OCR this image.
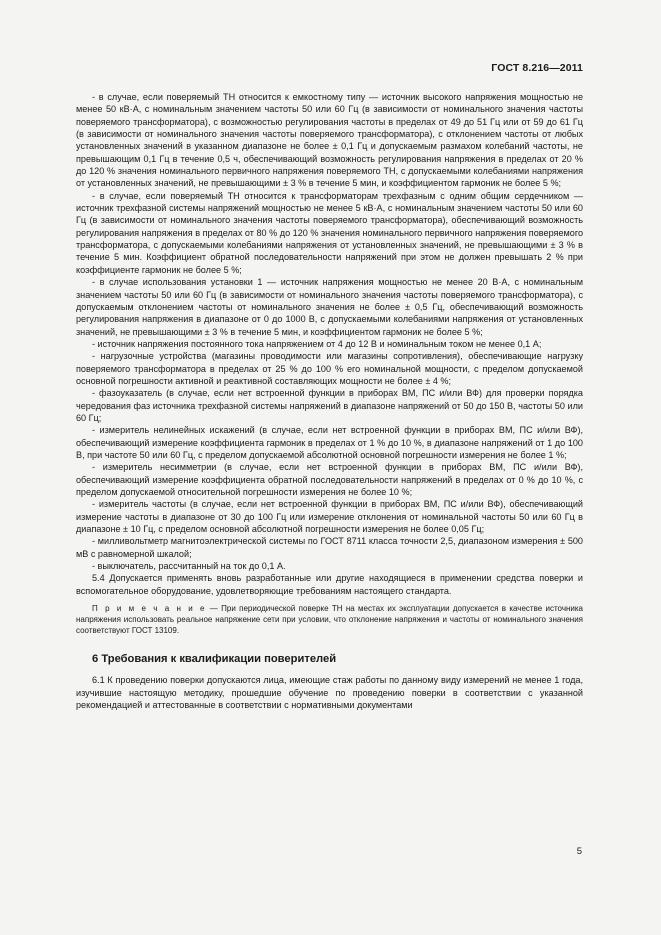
ГОСТ 8.216—2011

- в случае, если поверяемый ТН относится к емкостному типу — источник высокого напряжения мощностью не менее 50 кВ·А, с номинальным значением частоты 50 или 60 Гц (в зависимости от номинального значения частоты поверяемого трансформатора), с возможностью регулирования частоты в пределах от 49 до 51 Гц или от 59 до 61 Гц (в зависимости от номинального значения частоты поверяемого трансформатора), с отклонением частоты от любых установленных значений в указанном диапазоне не более ± 0,1 Гц и допускаемым размахом колебаний частоты, не превышающим 0,1 Гц в течение 0,5 ч, обеспечивающий возможность регулирования напряжения в пределах от 20 % до 120 % значения номинального первичного напряжения поверяемого ТН, с допускаемыми колебаниями напряжения от установленных значений, не превышающими ± 3 % в течение 5 мин, и коэффициентом гармоник не более 5 %;

- в случае, если поверяемый ТН относится к трансформаторам трехфазным с одним общим сердечником — источник трехфазной системы напряжений мощностью не менее 5 кВ·А, с номинальным значением частоты 50 или 60 Гц (в зависимости от номинального значения частоты поверяемого трансформатора), обеспечивающий возможность регулирования напряжения в пределах от 80 % до 120 % значения номинального первичного напряжения поверяемого трансформатора, с допускаемыми колебаниями напряжения от установленных значений, не превышающими ± 3 % в течение 5 мин. Коэффициент обратной последовательности напряжений при этом не должен превышать 2 % при коэффициенте гармоник не более 5 %;

- в случае использования установки 1 — источник напряжения мощностью не менее 20 В·А, с номинальным значением частоты 50 или 60 Гц (в зависимости от номинального значения частоты поверяемого трансформатора), с допускаемым отклонением частоты от номинального значения не более ± 0,5 Гц, обеспечивающий возможность регулирования напряжения в диапазоне от 0 до 1000 В, с допускаемыми колебаниями напряжения от установленных значений, не превышающими ± 3 % в течение 5 мин, и коэффициентом гармоник не более 5 %;

- источник напряжения постоянного тока напряжением от 4 до 12 В и номинальным током не менее 0,1 А;

- нагрузочные устройства (магазины проводимости или магазины сопротивления), обеспечивающие нагрузку поверяемого трансформатора в пределах от 25 % до 100 % его номинальной мощности, с пределом допускаемой основной погрешности активной и реактивной составляющих мощности не более ± 4 %;

- фазоуказатель (в случае, если нет встроенной функции в приборах ВМ, ПС и/или ВФ) для проверки порядка чередования фаз источника трехфазной системы напряжений в диапазоне напряжений от 50 до 150 В, частоты 50 или 60 Гц;

- измеритель нелинейных искажений (в случае, если нет встроенной функции в приборах ВМ, ПС и/или ВФ), обеспечивающий измерение коэффициента гармоник в пределах от 1 % до 10 %, в диапазоне напряжений от 1 до 100 В, при частоте 50 или 60 Гц, с пределом допускаемой абсолютной основной погрешности измерения не более 1 %;

- измеритель несимметрии (в случае, если нет встроенной функции в приборах ВМ, ПС и/или ВФ), обеспечивающий измерение коэффициента обратной последовательности напряжений в пределах от 0 % до 10 %, с пределом допускаемой относительной погрешности измерения не более 10 %;

- измеритель частоты (в случае, если нет встроенной функции в приборах ВМ, ПС и/или ВФ), обеспечивающий измерение частоты в диапазоне от 30 до 100 Гц или измерение отклонения от номинальной частоты 50 или 60 Гц в диапазоне ± 10 Гц, с пределом основной абсолютной погрешности измерения не более 0,05 Гц;

- милливольтметр магнитоэлектрической системы по ГОСТ 8711 класса точности 2,5, диапазоном измерения ± 500 мВ с равномерной шкалой;

- выключатель, рассчитанный на ток до 0,1 А.

5.4 Допускается применять вновь разработанные или другие находящиеся в применении средства поверки и вспомогательное оборудование, удовлетворяющие требованиям настоящего стандарта.

П р и м е ч а н и е — При периодической поверке ТН на местах их эксплуатации допускается в качестве источника напряжения использовать реальное напряжение сети при условии, что отклонение напряжения и частоты от номинального значения соответствуют ГОСТ 13109.

6 Требования к квалификации поверителей

6.1 К проведению поверки допускаются лица, имеющие стаж работы по данному виду измерений не менее 1 года, изучившие настоящую методику, прошедшие обучение по проведению поверки в соответствии с указанной рекомендацией и аттестованные в соответствии с нормативными документами

5
